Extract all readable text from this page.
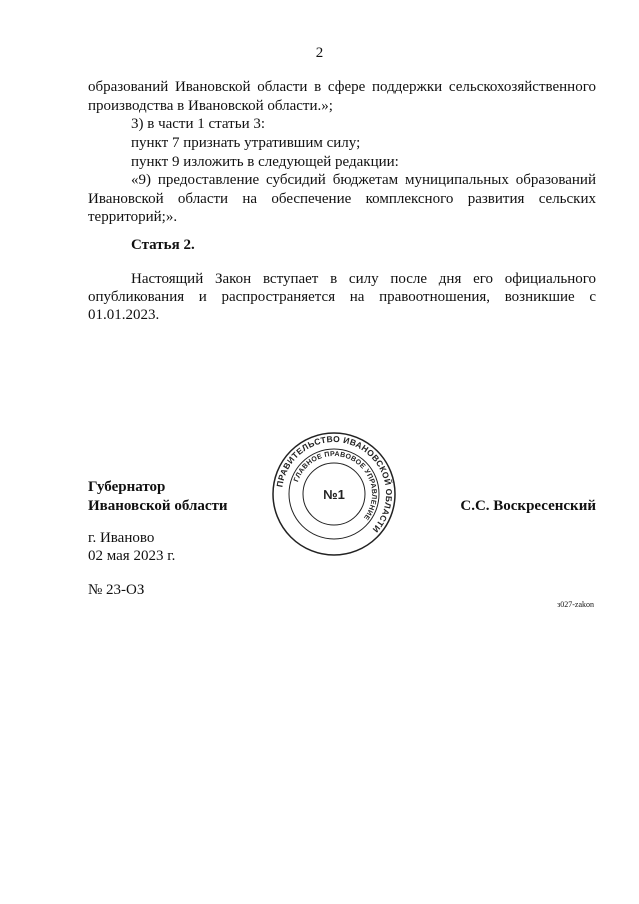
2
образований Ивановской области в сфере поддержки сельскохозяйственного
производства в Ивановской области.»;
3) в части 1 статьи 3:
пункт 7 признать утратившим силу;
пункт 9 изложить в следующей редакции:
«9) предоставление субсидий бюджетам муниципальных образований
Ивановской области на обеспечение комплексного развития сельских
территорий;».
Статья 2.
Настоящий Закон вступает в силу после дня его официального
опубликования и распространяется на правоотношения, возникшие с
01.01.2023.
Губернатор
Ивановской области	С.С. Воскресенский
ПРАВИТЕЛЬСТВО ИВАНОВСКОЙ ОБЛАСТИ
ГЛАВНОЕ ПРАВОВОЕ УПРАВЛЕНИЕ
№1
г. Иваново
02 мая 2023 г.
№ 23-ОЗ
з027-zakon
